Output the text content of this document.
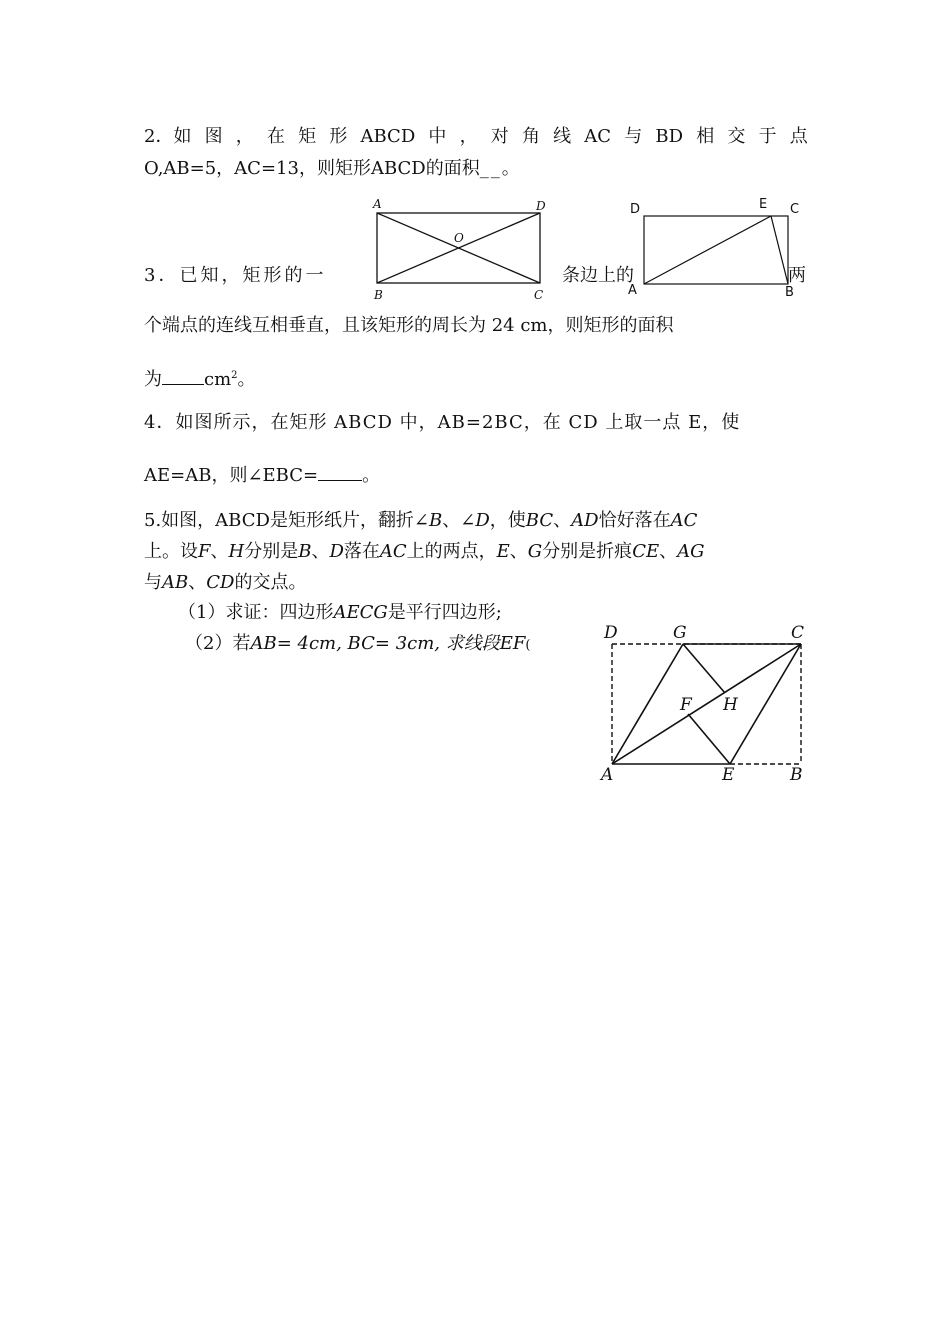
2．如 图 ， 在 矩 形 ABCD 中 ， 对 角 线 AC 与 BD 相 交 于 点
O,AB=5，AC=13，则矩形ABCD的面积__。
A	D
O
B	C
3．已知，矩形的一	条边上的
D	E C
A	B
两
个端点的连线互相垂直，且该矩形的周长为 24 cm，则矩形的面积
为 $cm^2$。
4．如图所示，在矩形 ABCD 中，AB=2BC，在 CD 上取一点 E，使
AE=AB，则∠EBC= 。
5.如图，ABCD是矩形纸片，翻折∠B、∠D，使BC、AD恰好落在AC
上。设F、H分别是B、D落在AC上的两点，E、G分别是折痕CE、AG
与AB、CD的交点。
（1）求证：四边形AECG是平行四边形;
（2）若AB= 4cm, BC= 3cm, 求线段EF(
D	G	C
F H
A	E	B
